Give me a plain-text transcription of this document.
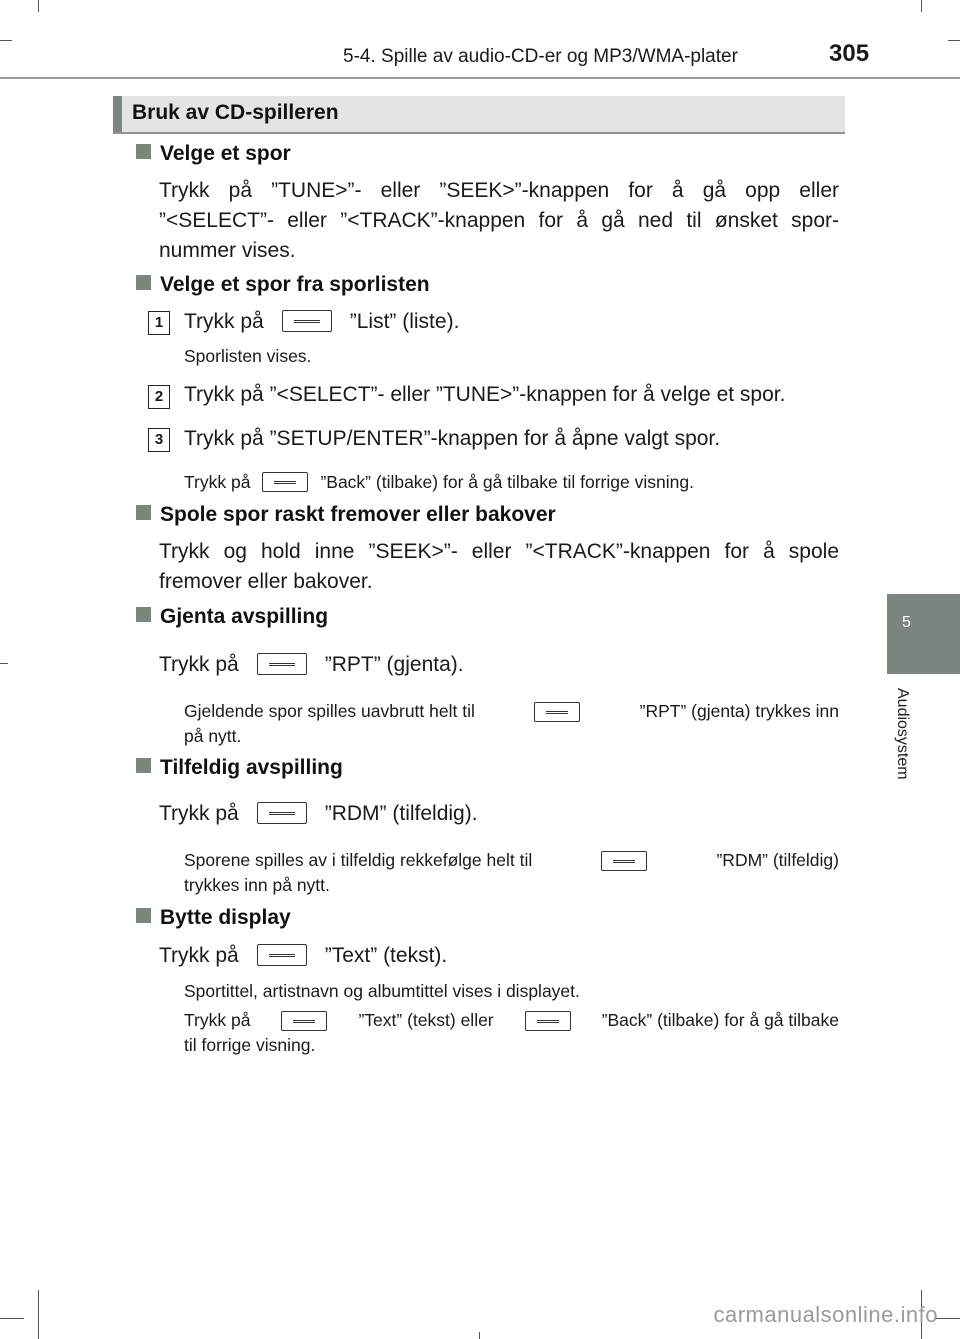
5-4. Spille av audio-CD-er og MP3/WMA-plater	305
Bruk av CD-spilleren
5
Audiosystem
Velge et spor
Trykk på ”TUNE>”- eller ”SEEK>”-knappen for å gå opp eller
”<SELECT”- eller ”<TRACK”-knappen for å gå ned til ønsket spor-
nummer vises.
Velge et spor fra sporlisten
1 Trykk på	”List” (liste).
Sporlisten vises.
2 Trykk på ”<SELECT”- eller ”TUNE>”-knappen for å velge et spor.
3 Trykk på ”SETUP/ENTER”-knappen for å åpne valgt spor.
Trykk på	”Back” (tilbake) for å gå tilbake til forrige visning.
Spole spor raskt fremover eller bakover
Trykk og hold inne ”SEEK>”- eller ”<TRACK”-knappen for å spole
fremover eller bakover.
Gjenta avspilling
Trykk på	”RPT” (gjenta).
Gjeldende spor spilles uavbrutt helt til	”RPT” (gjenta) trykkes inn
på nytt.
Tilfeldig avspilling
Trykk på	”RDM” (tilfeldig).
Sporene spilles av i tilfeldig rekkefølge helt til	”RDM” (tilfeldig)
trykkes inn på nytt.
Bytte display
Trykk på	”Text” (tekst).
Sportittel, artistnavn og albumtittel vises i displayet.
Trykk på	”Text” (tekst) eller	”Back” (tilbake) for å gå tilbake
til forrige visning.
carmanualsonline.info
